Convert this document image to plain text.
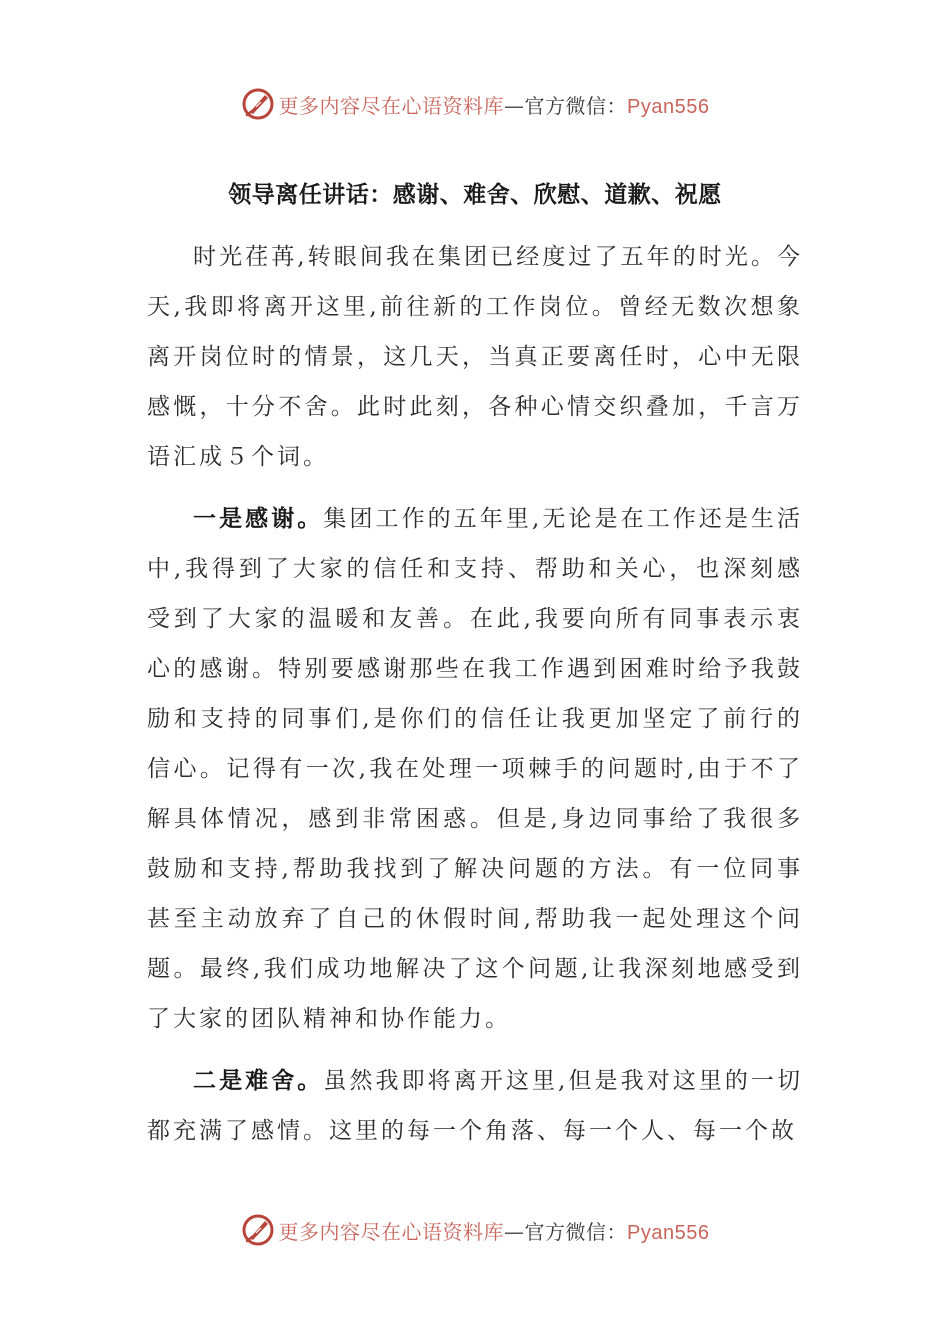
更多内容尽在心语资料库—官方微信：Pyan556
领导离任讲话：感谢、难舍、欣慰、道歉、祝愿

时光荏苒,转眼间我在集团已经度过了五年的时光。今天,我即将离开这里,前往新的工作岗位。曾经无数次想象离开岗位时的情景，这几天，当真正要离任时，心中无限感慨，十分不舍。此时此刻，各种心情交织叠加，千言万语汇成５个词。

一是感谢。集团工作的五年里,无论是在工作还是生活中,我得到了大家的信任和支持、帮助和关心，也深刻感受到了大家的温暖和友善。在此,我要向所有同事表示衷心的感谢。特别要感谢那些在我工作遇到困难时给予我鼓励和支持的同事们,是你们的信任让我更加坚定了前行的信心。记得有一次,我在处理一项棘手的问题时,由于不了解具体情况，感到非常困惑。但是,身边同事给了我很多鼓励和支持,帮助我找到了解决问题的方法。有一位同事甚至主动放弃了自己的休假时间,帮助我一起处理这个问题。最终,我们成功地解决了这个问题,让我深刻地感受到了大家的团队精神和协作能力。

二是难舍。虽然我即将离开这里,但是我对这里的一切都充满了感情。这里的每一个角落、每一个人、每一个故

更多内容尽在心语资料库—官方微信：Pyan556
